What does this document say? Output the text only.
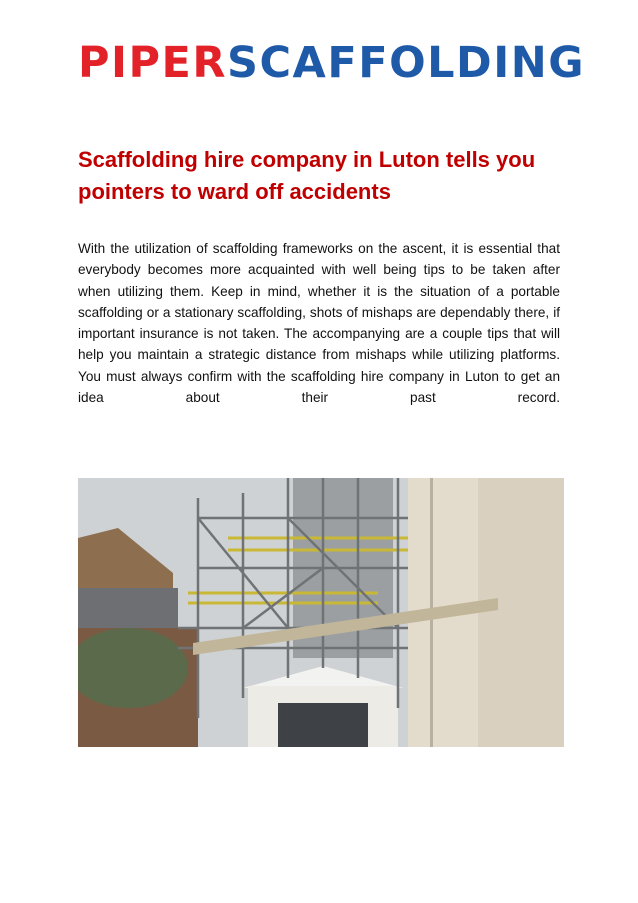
PIPER SCAFFOLDING
Scaffolding hire company in Luton tells you pointers to ward off accidents

With the utilization of scaffolding frameworks on the ascent, it is essential that everybody becomes more acquainted with well being tips to be taken after when utilizing them. Keep in mind, whether it is the situation of a portable scaffolding or a stationary scaffolding, shots of mishaps are dependably there, if important insurance is not taken. The accompanying are a couple tips that will help you maintain a strategic distance from mishaps while utilizing platforms. You must always confirm with the scaffolding hire company in Luton to get an idea about their past record.
